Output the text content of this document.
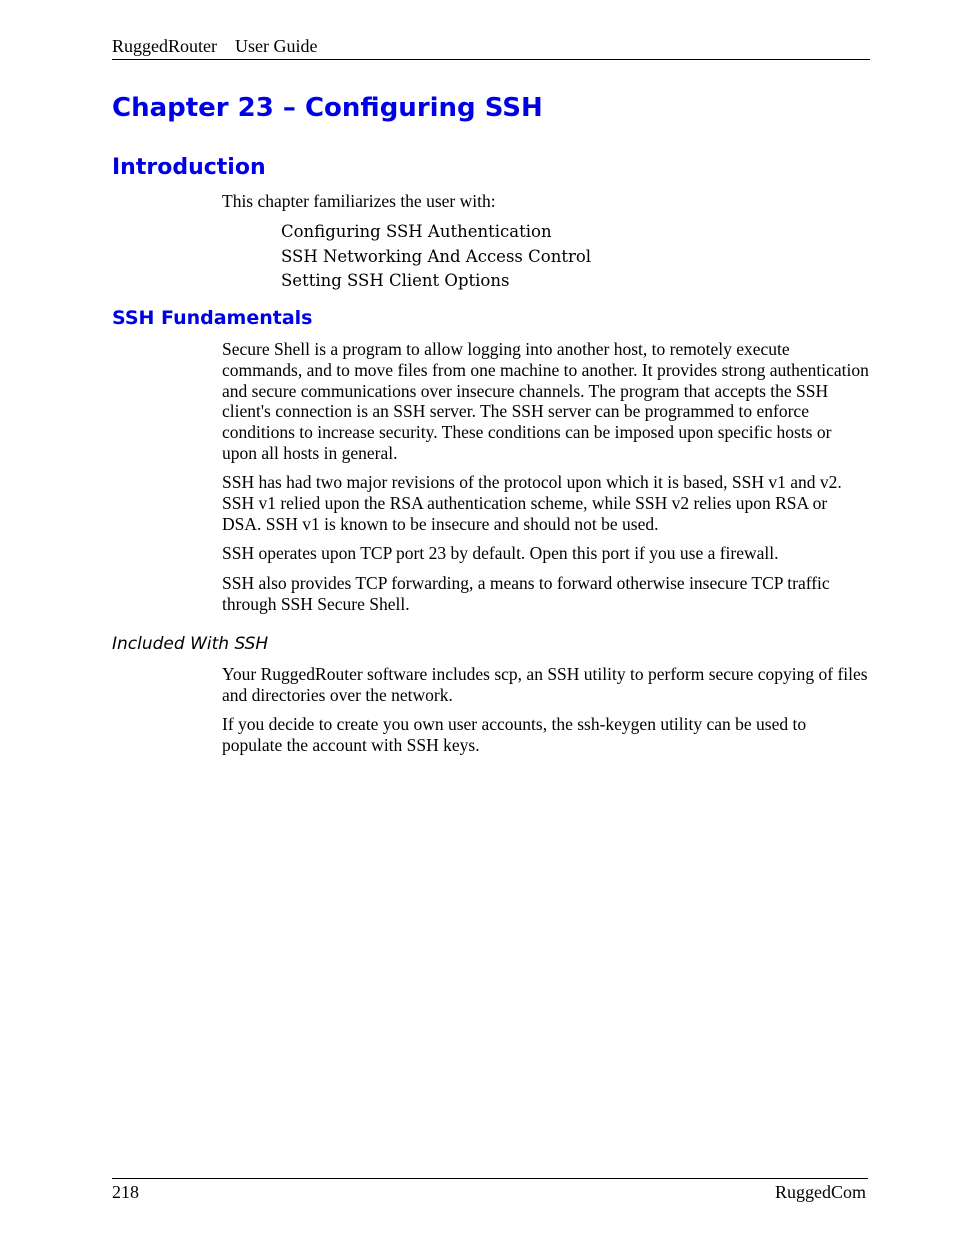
RuggedRouter User Guide
Chapter 23 – Configuring SSH
Introduction

This chapter familiarizes the user with:

Configuring SSH Authentication
SSH Networking And Access Control
Setting SSH Client Options
SSH Fundamentals

Secure Shell is a program to allow logging into another host, to remotely execute commands, and to move files from one machine to another. It provides strong authentication and secure communications over insecure channels. The program that accepts the SSH client's connection is an SSH server. The SSH server can be programmed to enforce conditions to increase security. These conditions can be imposed upon specific hosts or upon all hosts in general.

SSH has had two major revisions of the protocol upon which it is based, SSH v1 and v2. SSH v1 relied upon the RSA authentication scheme, while SSH v2 relies upon RSA or DSA. SSH v1 is known to be insecure and should not be used.

SSH operates upon TCP port 23 by default. Open this port if you use a firewall.

SSH also provides TCP forwarding, a means to forward otherwise insecure TCP traffic through SSH Secure Shell.

Included With SSH

Your RuggedRouter software includes scp, an SSH utility to perform secure copying of files and directories over the network.

If you decide to create you own user accounts, the ssh-keygen utility can be used to populate the account with SSH keys.

218	RuggedCom
